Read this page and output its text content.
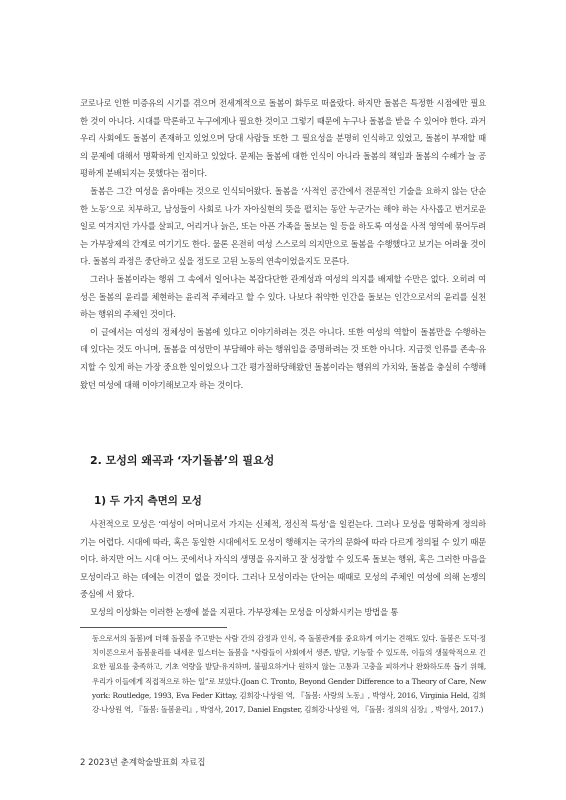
코로나로 인한 미증유의 시기를 겪으며 전세계적으로 돌봄이 화두로 떠올랐다. 하지만 돌봄은 특정한 시점에만 필요한 것이 아니다. 시대를 막론하고 누구에게나 필요한 것이고 그렇기 때문에 누구나 돌봄을 받을 수 있어야 한다. 과거 우리 사회에도 돌봄이 존재하고 있었으며 당대 사람들 또한 그 필요성을 분명히 인식하고 있었고, 돌봄이 부재할 때의 문제에 대해서 명확하게 인지하고 있었다. 문제는 돌봄에 대한 인식이 아니라 돌봄의 책임과 돌봄의 수혜가 늘 공평하게 분배되지는 못했다는 점이다.

돌봄은 그간 여성을 옭아매는 것으로 인식되어왔다. 돌봄을 ‘사적인 공간에서 전문적인 기술을 요하지 않는 단순한 노동’으로 치부하고, 남성들이 사회로 나가 자아실현의 뜻을 펼치는 동안 누군가는 해야 하는 사사롭고 번거로운 일로 여겨지던 가사를 살피고, 어리거나 늙은, 또는 아픈 가족을 돌보는 일 등을 하도록 여성을 사적 영역에 묶어두려는 가부장제의 간계로 여기기도 한다. 물론 온전히 여성 스스로의 의지만으로 돌봄을 수행했다고 보기는 어려울 것이다. 돌봄의 과정은 중단하고 싶을 정도로 고된 노동의 연속이었을지도 모른다.

그러나 돌봄이라는 행위 그 속에서 일어나는 복잡다단한 관계성과 여성의 의지를 배제할 수만은 없다. 오히려 여성은 돌봄의 윤리를 체현하는 윤리적 주체라고 할 수 있다. 나보다 취약한 인간을 돌보는 인간으로서의 윤리를 실천하는 행위의 주체인 것이다.

이 글에서는 여성의 정체성이 돌봄에 있다고 이야기하려는 것은 아니다. 또한 여성의 역할이 돌봄만을 수행하는 데 있다는 것도 아니며, 돌봄을 여성만이 부담해야 하는 행위임을 증명하려는 것 또한 아니다. 지금껏 인류를 존속·유지할 수 있게 하는 가장 중요한 일이었으나 그간 평가절하당해왔던 돌봄이라는 행위의 가치와, 돌봄을 충실히 수행해왔던 여성에 대해 이야기해보고자 하는 것이다.

2. 모성의 왜곡과 ‘자기돌봄’의 필요성
1) 두 가지 측면의 모성

사전적으로 모성은 ‘여성이 어머니로서 가지는 신체적, 정신적 특성’을 일컫는다. 그러나 모성을 명확하게 정의하기는 어렵다. 시대에 따라, 혹은 동일한 시대에서도 모성이 행해지는 국가의 문화에 따라 다르게 정의될 수 있기 때문이다. 하지만 어느 시대 어느 곳에서나 자식의 생명을 유지하고 잘 성장할 수 있도록 돌보는 행위, 혹은 그러한 마음을 모성이라고 하는 데에는 이견이 없을 것이다. 그러나 모성이라는 단어는 때때로 모성의 주체인 여성에 의해 논쟁의 중심에 서 왔다.

모성의 이상화는 이러한 논쟁에 불을 지핀다. 가부장제는 모성을 이상화시키는 방법을 통

동으로서의 돌봄)에 더해 돌봄을 주고받는 사람 간의 감정과 인식, 즉 돌봄관계를 중요하게 여기는 견해도 있다. 돌봄은 도덕·정치이론으로서 돌봄윤리를 내세운 일스터는 돌봄을 “사람들이 사회에서 생존, 발달, 기능할 수 있도록, 이들의 생물학적으로 긴요한 필요를 충족하고, 기초 역량을 발달·유지하며, 불필요하거나 원하지 않는 고통과 고충을 피하거나 완화하도록 돕기 위해, 우리가 이들에게 직접적으로 하는 일”로 보았다.(Joan C. Tronto, Beyond Gender Difference to a Theory of Care, New york: Routledge, 1993, Eva Feder Kittay, 김희강·나상원 역, 『돌봄: 사랑의 노동』, 박영사, 2016, Virginia Held, 김희강·나상원 역, 『돌봄: 돌봄윤리』, 박영사, 2017, Daniel Engster, 김희강·나상원 역, 『돌봄: 정의의 심장』, 박영사, 2017.)

2 2023년 춘계학술발표회 자료집
